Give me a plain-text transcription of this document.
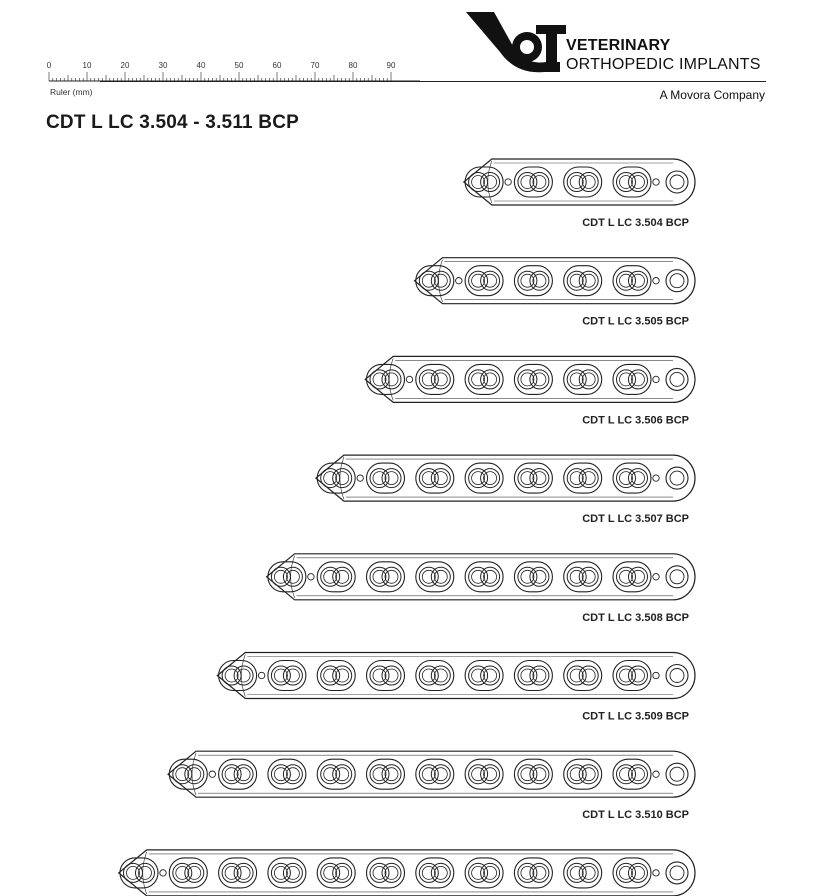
0	10	20	30	40	50	60	70	80	90
Ruler (mm)
VETERINARY
ORTHOPEDIC IMPLANTS
A Movora Company
CDT L LC 3.504 - 3.511 BCP
CDT L LC 3.504 BCP
CDT L LC 3.505 BCP
CDT L LC 3.506 BCP
CDT L LC 3.507 BCP
CDT L LC 3.508 BCP
CDT L LC 3.509 BCP
CDT L LC 3.510 BCP
